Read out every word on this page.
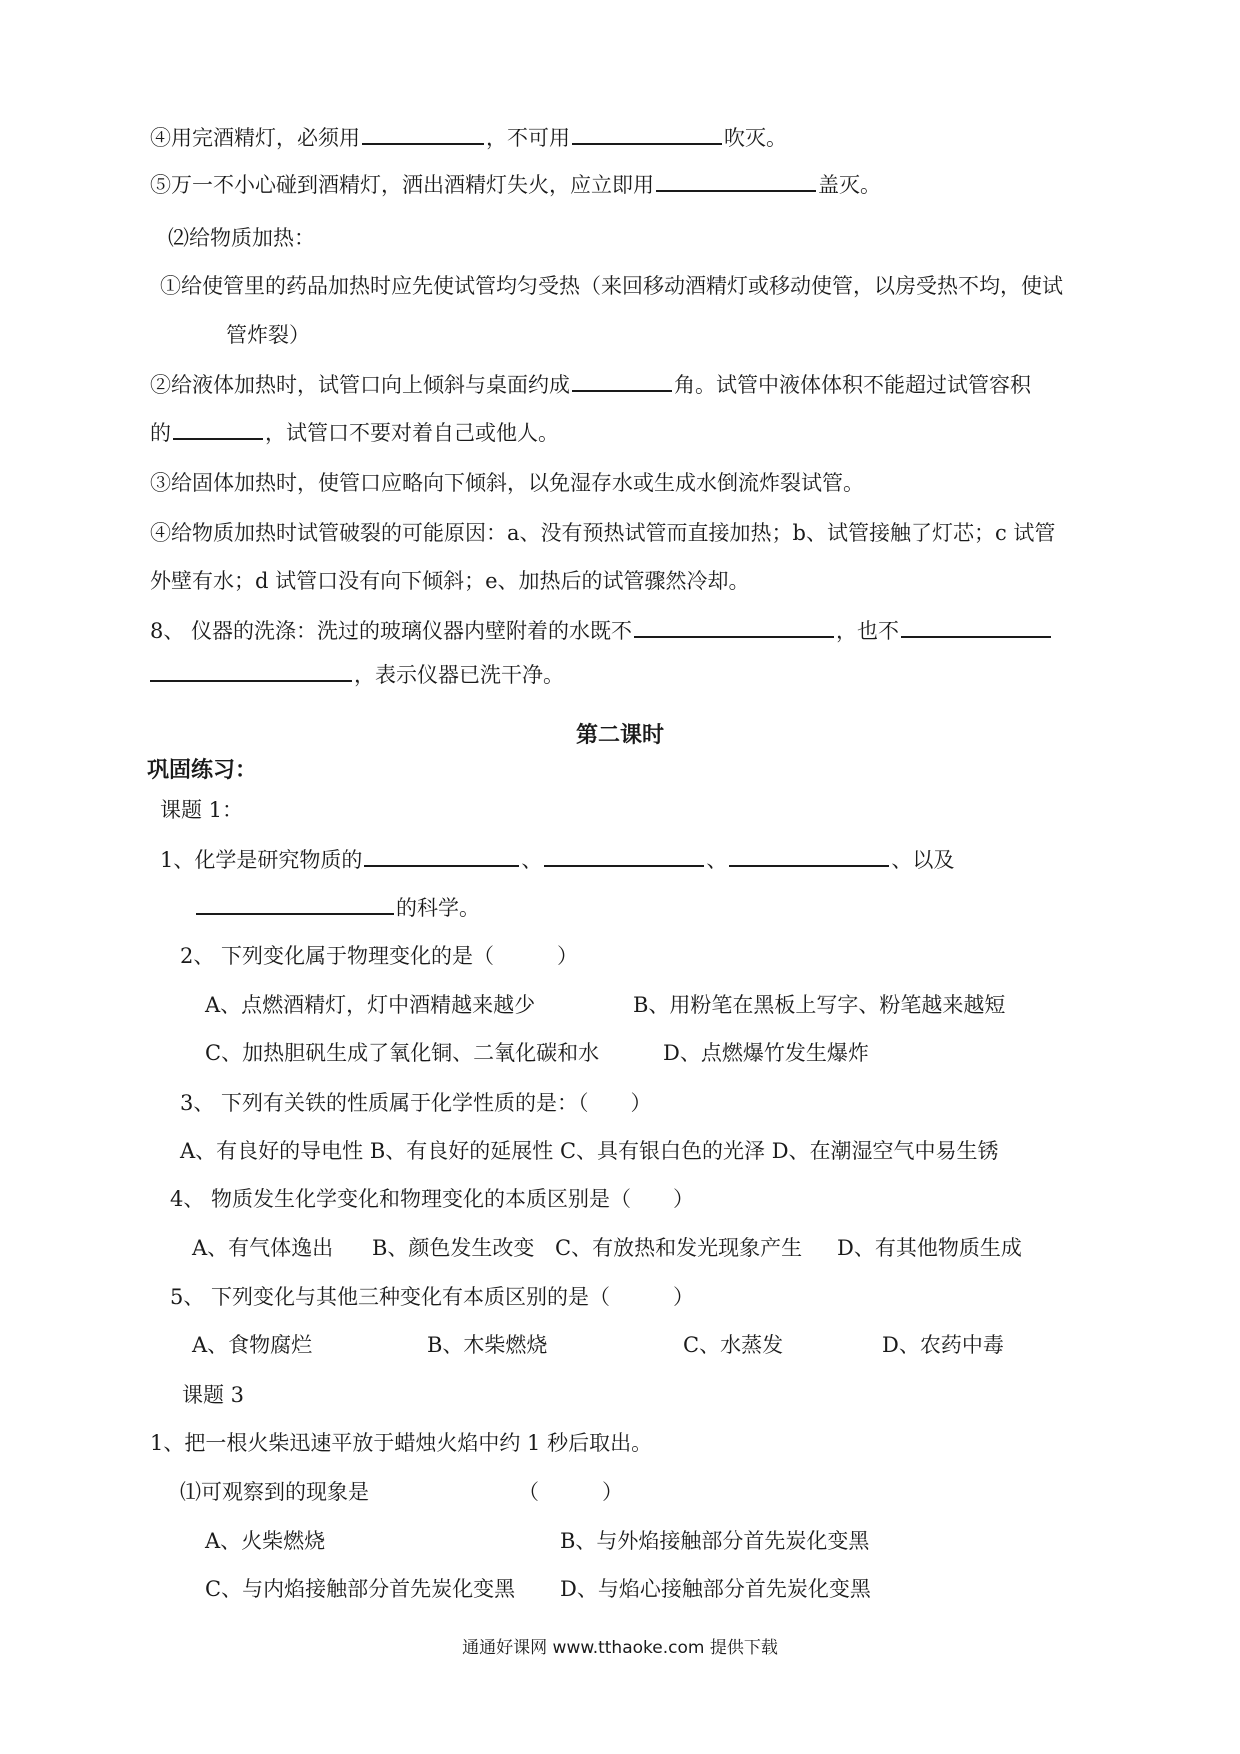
④用完酒精灯，必须用	，不可用	吹灭。
⑤万一不小心碰到酒精灯，洒出酒精灯失火，应立即用	盖灭。
⑵给物质加热：
①给使管里的药品加热时应先使试管均匀受热（来回移动酒精灯或移动使管，以房受热不均，使试
管炸裂）
②给液体加热时，试管口向上倾斜与桌面约成	角。试管中液体体积不能超过试管容积
的	，试管口不要对着自己或他人。
③给固体加热时，使管口应略向下倾斜，以免湿存水或生成水倒流炸裂试管。
④给物质加热时试管破裂的可能原因：a、没有预热试管而直接加热；b、试管接触了灯芯；c 试管
外壁有水；d 试管口没有向下倾斜；e、加热后的试管骤然冷却。
8、 仪器的洗涤：洗过的玻璃仪器内壁附着的水既不	，也不
，表示仪器已洗干净。
第二课时
巩固练习：
课题 1：
1、化学是研究物质的	、	、	、以及
的科学。
2、 下列变化属于物理变化的是（　　　）
A、点燃酒精灯，灯中酒精越来越少	B、用粉笔在黑板上写字、粉笔越来越短
C、加热胆矾生成了氧化铜、二氧化碳和水	D、点燃爆竹发生爆炸
3、 下列有关铁的性质属于化学性质的是：（　　）
A、有良好的导电性 B、有良好的延展性 C、具有银白色的光泽 D、在潮湿空气中易生锈
4、 物质发生化学变化和物理变化的本质区别是（　　）
A、有气体逸出 B、颜色发生改变 C、有放热和发光现象产生 D、有其他物质生成
5、 下列变化与其他三种变化有本质区别的是（　　　）
A、食物腐烂	B、木柴燃烧	C、水蒸发	D、农药中毒
课题 3
1、把一根火柴迅速平放于蜡烛火焰中约 1 秒后取出。
⑴可观察到的现象是	（　　　）
A、火柴燃烧	B、与外焰接触部分首先炭化变黑
C、与内焰接触部分首先炭化变黑 D、与焰心接触部分首先炭化变黑
通通好课网 www.tthaoke.com 提供下载
